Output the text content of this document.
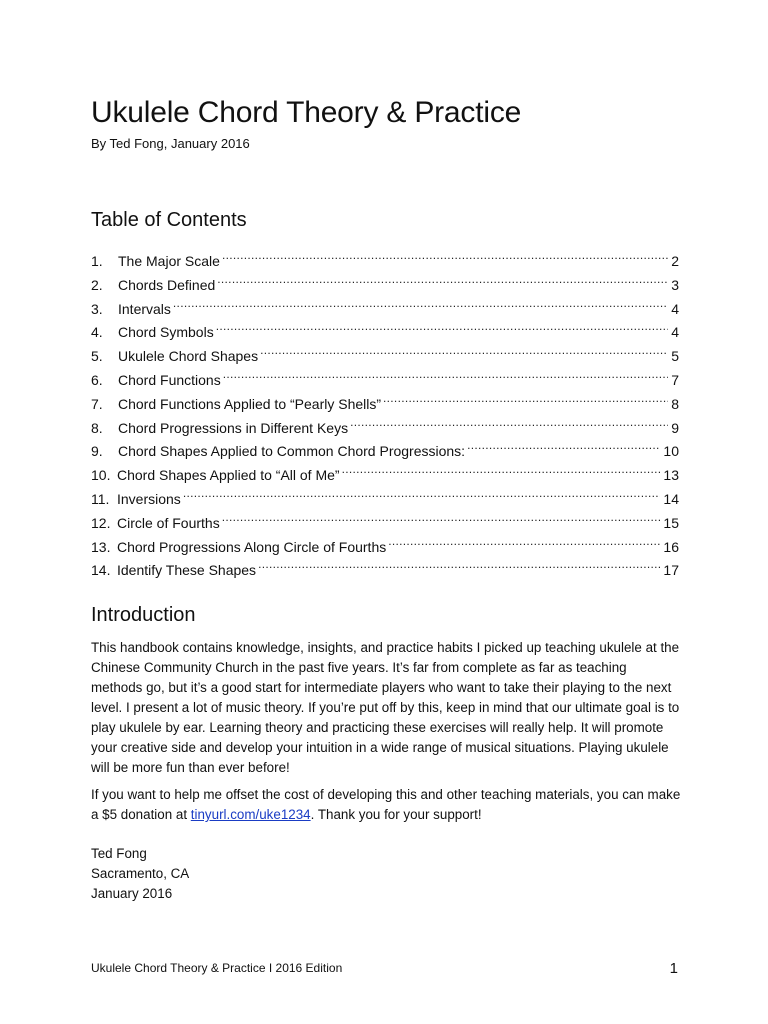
Ukulele Chord Theory & Practice
By Ted Fong, January 2016
Table of Contents
1.	The Major Scale .....	2
2.	Chords Defined .....	3
3.	Intervals .....	4
4.	Chord Symbols .....	4
5.	Ukulele Chord Shapes .....	5
6.	Chord Functions .....	7
7.	Chord Functions Applied to “Pearly Shells” .....	8
8.	Chord Progressions in Different Keys .....	9
9.	Chord Shapes Applied to Common Chord Progressions: .....	10
10. Chord Shapes Applied to “All of Me” .....	13
11. Inversions .....	14
12. Circle of Fourths .....	15
13. Chord Progressions Along Circle of Fourths .....	16
14. Identify These Shapes .....	17
Introduction

This handbook contains knowledge, insights, and practice habits I picked up teaching ukulele at the Chinese Community Church in the past five years. It’s far from complete as far as teaching methods go, but it’s a good start for intermediate players who want to take their playing to the next level. I present a lot of music theory. If you’re put off by this, keep in mind that our ultimate goal is to play ukulele by ear. Learning theory and practicing these exercises will really help. It will promote your creative side and develop your intuition in a wide range of musical situations. Playing ukulele will be more fun than ever before!

If you want to help me offset the cost of developing this and other teaching materials, you can make a $5 donation at tinyurl.com/uke1234. Thank you for your support!

Ted Fong
Sacramento, CA
January 2016
Ukulele Chord Theory & Practice I 2016 Edition	1
